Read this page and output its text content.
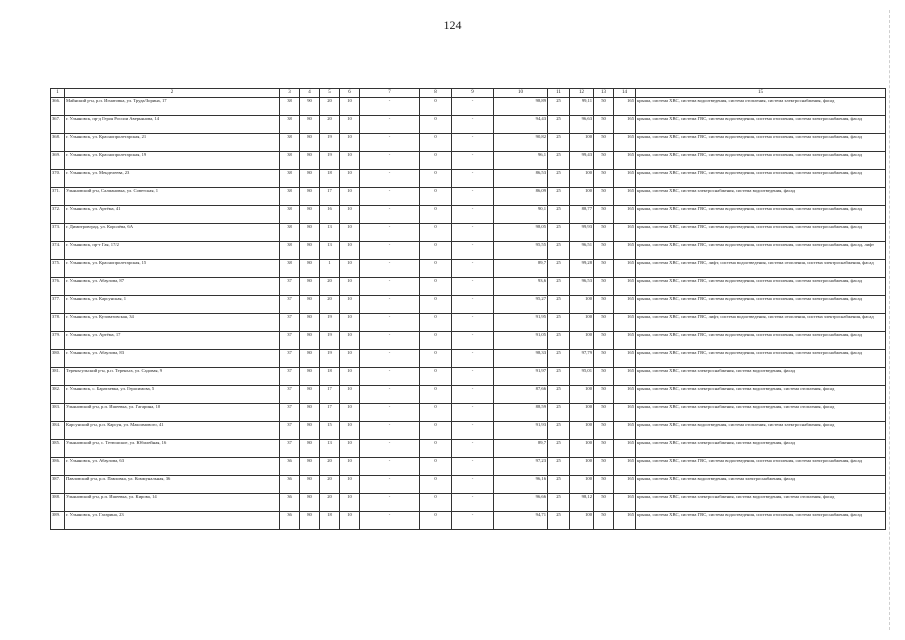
124
1	2	3	4	5	6	7	8	9	10	11	12	13	14	15
366.	Майнский р-н, р.п. Игнатовка, ул. Труда/Зорина, 17	38	90	20	10	-	0	-	98,89	25	99,11	50	165	крыша, система ХВС, система водоотведения, система отопления, система электроснабжения, фасад
367.	г. Ульяновск, пр-д Героя России Аверьянова, 14	38	80	20	10	-	0	-	94,43	25	96,63	50	165	крыша, система ХВС, система ГВС, система водоотведения, система отопления, система электроснабжения, фасад
368.	г. Ульяновск, ул. Краснопролетарская, 21	38	80	19	10	-	0	-	90,82	25	100	50	165	крыша, система ХВС, система ГВС, система водоотведения, система отопления, система электроснабжения, фасад
369.	г. Ульяновск, ул. Краснопролетарская, 19	38	80	19	10	-	0	-	96,1	25	99,43	50	165	крыша, система ХВС, система ГВС, система водоотведения, система отопления, система электроснабжения, фасад
370.	г. Ульяновск, ул. Менделеева, 23	38	80	18	10	-	0	-	86,53	25	100	50	165	крыша, система ХВС, система ГВС, система водоотведения, система отопления, система электроснабжения, фасад
371.	Ульяновский р-н, Салмановка, ул. Советская, 1	38	80	17	10	-	0	-	86,09	25	100	50	165	крыша, система ХВС, система электроснабжения, система водоотведения, фасад
372.	г. Ульяновск, ул. Артёма, 41	38	80	16	10	-	0	-	90,1	25	88,77	50	165	крыша, система ХВС, система ГВС, система водоотведения, система отопления, система электроснабжения, фасад
373.	г. Димитровград, ул. Королёва, 6А	38	80	13	10	-	0	-	98,05	25	99,93	50	165	крыша, система ХВС, система ГВС, система водоотведения, система отопления, система электроснабжения, фасад
374.	г. Ульяновск, пр-т Гая, 17/2	38	80	13	10	-	0	-	95,55	25	96,51	50	165	крыша, система ХВС, система ГВС, система водоотведения, система отопления, система электроснабжения, фасад, лифт
375.	г. Ульяновск, ул. Краснопролетарская, 15	38	80	1	10	-	0	-	89,7	25	99,28	50	165	крыша, система ХВС, система ГВС, лифт, система водоотведения, система отопления, система электроснабжения, фасад
376.	г. Ульяновск, ул. Абаулова, 87	37	80	20	10	-	0	-	93,6	25	96,53	50	165	крыша, система ХВС, система ГВС, система водоотведения, система отопления, система электроснабжения, фасад
377.	г. Ульяновск, ул. Карсунская, 1	37	80	20	10	-	0	-	95,27	25	100	50	165	крыша, система ХВС, система ГВС, система водоотведения, система отопления, система электроснабжения, фасад
378.	г. Ульяновск, ул. Кузоватовская, 34	37	80	19	10	-	0	-	91,95	25	100	50	165	крыша, система ХВС, система ГВС, лифт, система водоотведения, система отопления, система электроснабжения, фасад
379.	г. Ульяновск, ул. Артёма, 17	37	80	19	10	-	0	-	91,05	25	100	50	165	крыша, система ХВС, система ГВС, система водоотведения, система отопления, система электроснабжения, фасад
380.	г. Ульяновск, ул. Абаулова, 83	37	80	19	10	-	0	-	98,33	25	97,79	50	165	крыша, система ХВС, система ГВС, система водоотведения, система отопления, система электроснабжения, фасад
381.	Тереньгульский р-н, р.п. Тереньга, ул. Садовая, 9	37	80	18	10	-	0	-	91,97	25	95,01	50	165	крыша, система ХВС, система электроснабжения, система водоотведения, фасад
382.	г. Ульяновск, с. Баратаевка, ул. Герасимова, 5	37	80	17	10	-	0	-	87,66	25	100	50	165	крыша, система ХВС, система электроснабжения, система водоотведения, система отопления, фасад
383.	Ульяновский р-н, р.п. Ишеевка, ул. Гагарина, 10	37	80	17	10	-	0	-	88,59	25	100	50	165	крыша, система ХВС, система электроснабжения, система водоотведения, система отопления, фасад
384.	Карсунский р-н, р.п. Карсун, ул. Максимового, 41	37	80	15	10	-	0	-	91,93	25	100	50	165	крыша, система ХВС, система водоотведения, система отопления, система электроснабжения, фасад
385.	Ульяновский р-н, с. Тетюшское, ул. Юбилейная, 16	37	80	13	10	-	0	-	89,7	25	100	50	165	крыша, система ХВС, система электроснабжения, система водоотведения, фасад
386.	г. Ульяновск, ул. Абаулова, 63	36	80	20	10	-	0	-	97,23	25	100	50	165	крыша, система ХВС, система ГВС, система водоотведения, система отопления, система электроснабжения, фасад
387.	Павловский р-н, р.п. Павловка, ул. Коммунальная, 36	36	80	20	10	-	0	-	96,16	25	100	50	165	крыша, система ХВС, система водоотведения, система электроснабжения, фасад
388.	Ульяновский р-н, р.п. Ишеевка, ул. Кирова, 14	36	80	20	10	-	0	-	96,66	25	98,12	50	165	крыша, система ХВС, система электроснабжения, система водоотведения, система отопления, фасад
389.	г. Ульяновск, ул. Гагарина, 23	36	80	18	10	-	0	-	94,71	25	100	50	165	крыша, система ХВС, система ГВС, система водоотведения, система отопления, система электроснабжения, фасад
